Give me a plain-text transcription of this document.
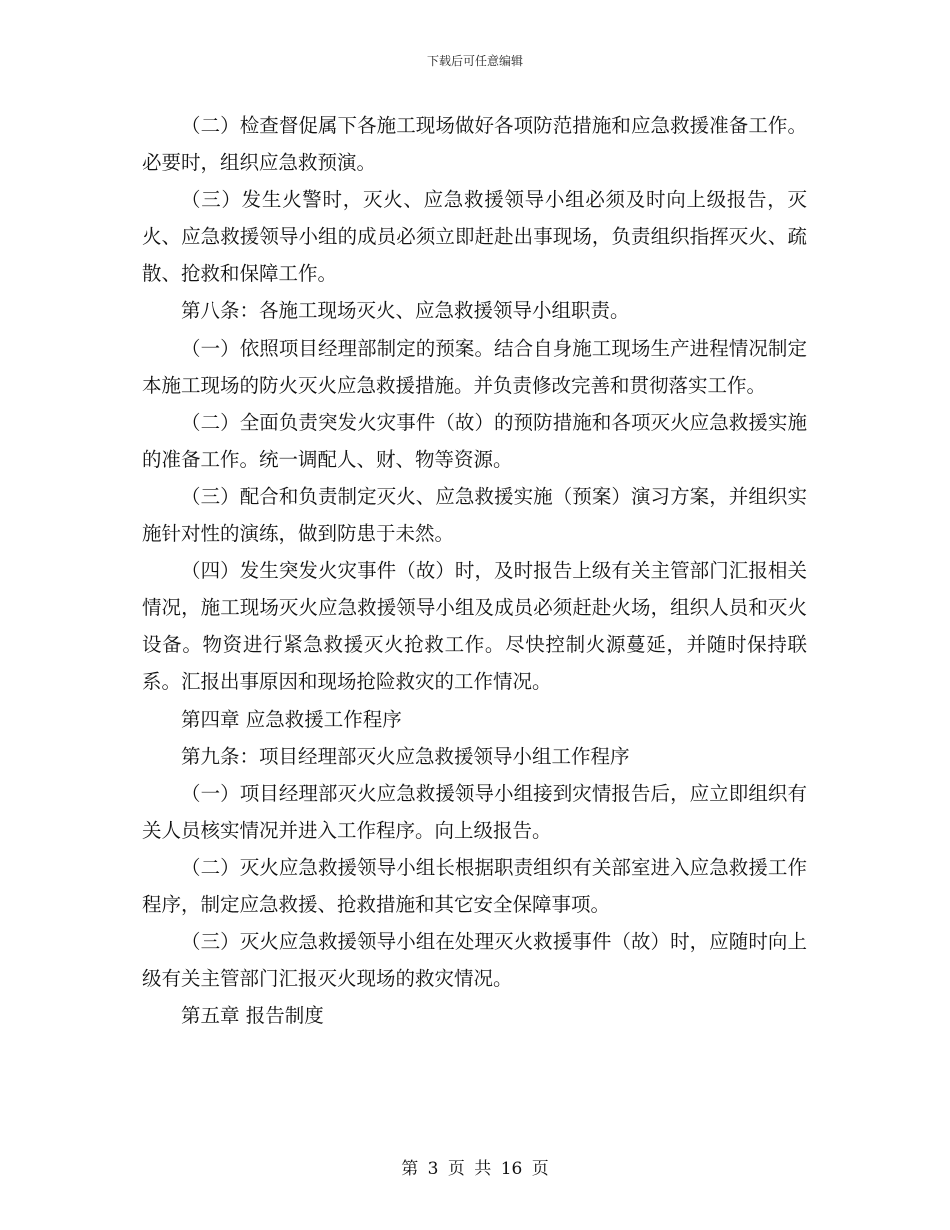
下载后可任意编辑

（二）检查督促属下各施工现场做好各项防范措施和应急救援准备工作。必要时，组织应急救预演。

（三）发生火警时，灭火、应急救援领导小组必须及时向上级报告，灭火、应急救援领导小组的成员必须立即赶赴出事现场，负责组织指挥灭火、疏散、抢救和保障工作。

第八条：各施工现场灭火、应急救援领导小组职责。

（一）依照项目经理部制定的预案。结合自身施工现场生产进程情况制定本施工现场的防火灭火应急救援措施。并负责修改完善和贯彻落实工作。

（二）全面负责突发火灾事件（故）的预防措施和各项灭火应急救援实施的准备工作。统一调配人、财、物等资源。

（三）配合和负责制定灭火、应急救援实施（预案）演习方案，并组织实施针对性的演练，做到防患于未然。

（四）发生突发火灾事件（故）时，及时报告上级有关主管部门汇报相关情况，施工现场灭火应急救援领导小组及成员必须赶赴火场，组织人员和灭火设备。物资进行紧急救援灭火抢救工作。尽快控制火源蔓延，并随时保持联系。汇报出事原因和现场抢险救灾的工作情况。

第四章 应急救援工作程序

第九条：项目经理部灭火应急救援领导小组工作程序

（一）项目经理部灭火应急救援领导小组接到灾情报告后，应立即组织有关人员核实情况并进入工作程序。向上级报告。

（二）灭火应急救援领导小组长根据职责组织有关部室进入应急救援工作程序，制定应急救援、抢救措施和其它安全保障事项。

（三）灭火应急救援领导小组在处理灭火救援事件（故）时，应随时向上级有关主管部门汇报灭火现场的救灾情况。

第五章 报告制度

第 3 页 共 16 页
